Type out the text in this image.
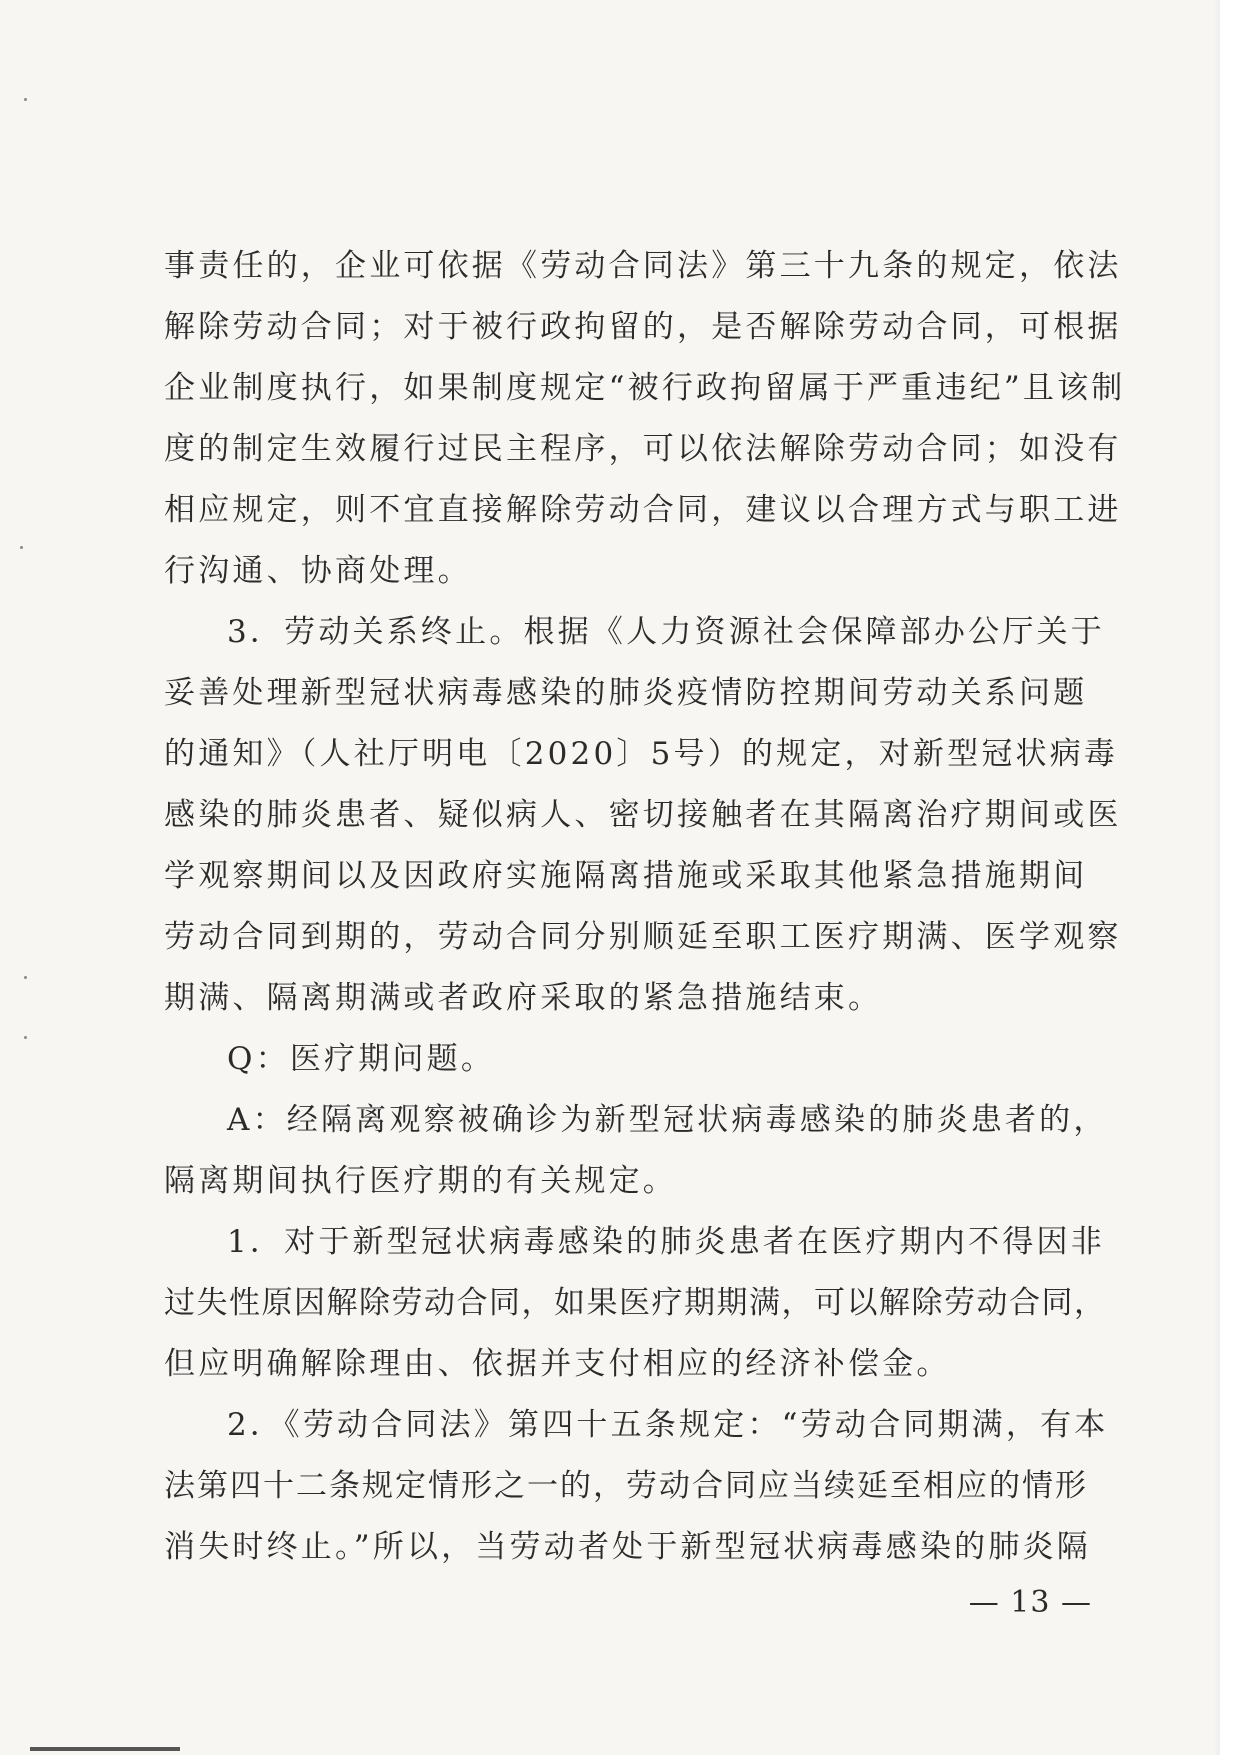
事责任的，企业可依据《劳动合同法》第三十九条的规定，依法
解除劳动合同；对于被行政拘留的，是否解除劳动合同，可根据
企业制度执行，如果制度规定“被行政拘留属于严重违纪”且该制
度的制定生效履行过民主程序，可以依法解除劳动合同；如没有
相应规定，则不宜直接解除劳动合同，建议以合理方式与职工进
行沟通、协商处理。
3．劳动关系终止。根据《人力资源社会保障部办公厅关于
妥善处理新型冠状病毒感染的肺炎疫情防控期间劳动关系问题
的通知》（人社厅明电〔2020〕5号）的规定，对新型冠状病毒
感染的肺炎患者、疑似病人、密切接触者在其隔离治疗期间或医
学观察期间以及因政府实施隔离措施或采取其他紧急措施期间
劳动合同到期的，劳动合同分别顺延至职工医疗期满、医学观察
期满、隔离期满或者政府采取的紧急措施结束。
Q：医疗期问题。
A：经隔离观察被确诊为新型冠状病毒感染的肺炎患者的，
隔离期间执行医疗期的有关规定。
1．对于新型冠状病毒感染的肺炎患者在医疗期内不得因非
过失性原因解除劳动合同，如果医疗期期满，可以解除劳动合同，
但应明确解除理由、依据并支付相应的经济补偿金。
2．《劳动合同法》第四十五条规定：“劳动合同期满，有本
法第四十二条规定情形之一的，劳动合同应当续延至相应的情形
消失时终止。”所以，当劳动者处于新型冠状病毒感染的肺炎隔
— 13 —
